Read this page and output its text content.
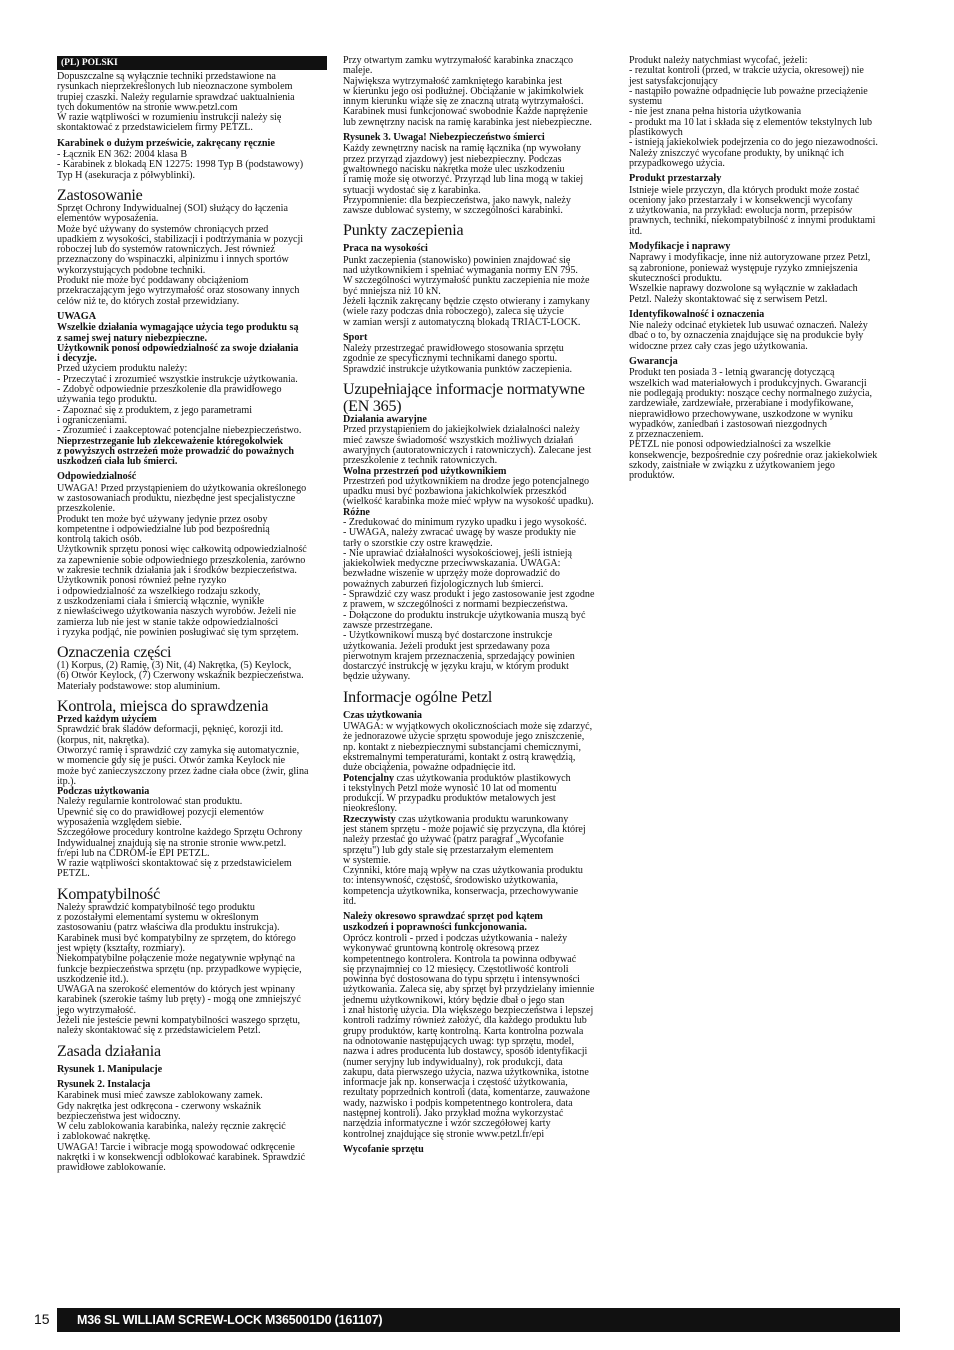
(PL) POLSKI

Dopuszczalne są wyłącznie techniki przedstawione na
rysunkach nieprzekreślonych lub nieoznaczone symbolem
trupiej czaszki. Należy regularnie sprawdzać uaktualnienia
tych dokumentów na stronie www.petzl.com
W razie wątpliwości w rozumieniu instrukcji należy się
skontaktować z przedstawicielem firmy PETZL.

Karabinek o dużym prześwicie, zakręcany ręcznie

- Łącznik EN 362: 2004 klasa B
- Karabinek z blokadą EN 12275: 1998 Typ B (podstawowy)
Typ H (asekuracja z półwyblinki).

Zastosowanie

Sprzęt Ochrony Indywidualnej (SOI) służący do łączenia
elementów wyposażenia.
Może być używany do systemów chroniących przed
upadkiem z wysokości, stabilizacji i podtrzymania w pozycji
roboczej lub do systemów ratowniczych. Jest również
przeznaczony do wspinaczki, alpinizmu i innych sportów
wykorzystujących podobne techniki.
Produkt nie może być poddawany obciążeniom
przekraczającym jego wytrzymałość oraz stosowany innych
celów niż te, do których został przewidziany.

UWAGA

Wszelkie działania wymagające użycia tego produktu są
z samej swej natury niebezpieczne.
Użytkownik ponosi odpowiedzialność za swoje działania
i decyzje.

Przed użyciem produktu należy:
- Przeczytać i zrozumieć wszystkie instrukcje użytkowania.
- Zdobyć odpowiednie przeszkolenie dla prawidłowego
używania tego produktu.
- Zapoznać się z produktem, z jego parametrami
i ograniczeniami.
- Zrozumieć i zaakceptować potencjalne niebezpieczeństwo.

Nieprzestrzeganie lub zlekceważenie któregokolwiek
z powyższych ostrzeżeń może prowadzić do poważnych
uszkodzeń ciała lub śmierci.

Odpowiedzialność

UWAGA! Przed przystąpieniem do użytkowania określonego
w zastosowaniach produktu, niezbędne jest specjalistyczne
przeszkolenie.
Produkt ten może być używany jedynie przez osoby
kompetentne i odpowiedzialne lub pod bezpośrednią
kontrolą takich osób.
Użytkownik sprzętu ponosi więc całkowitą odpowiedzialność
za zapewnienie sobie odpowiedniego przeszkolenia, zarówno
w zakresie technik działania jak i środków bezpieczeństwa.
Użytkownik ponosi również pełne ryzyko
i odpowiedzialność za wszelkiego rodzaju szkody,
z uszkodzeniami ciała i śmiercią włącznie, wynikłe
z niewłaściwego użytkowania naszych wyrobów. Jeżeli nie
zamierza lub nie jest w stanie także odpowiedzialności
i ryzyka podjąć, nie powinien posługiwać się tym sprzętem.

Oznaczenia części

(1) Korpus, (2) Ramię, (3) Nit, (4) Nakrętka, (5) Keylock,
(6) Otwór Keylock, (7) Czerwony wskaźnik bezpieczeństwa.
Materiały podstawowe: stop aluminium.

Kontrola, miejsca do sprawdzenia
Przed każdym użyciem

Sprawdzić brak śladów deformacji, pęknięć, korozji itd.
(korpus, nit, nakrętka).
Otworzyć ramię i sprawdzić czy zamyka się automatycznie,
w momencie gdy się je puści. Otwór zamka Keylock nie
może być zanieczyszczony przez żadne ciała obce (żwir, glina
itp.).

Podczas użytkowania

Należy regularnie kontrolować stan produktu.
Upewnić się co do prawidłowej pozycji elementów
wyposażenia względem siebie.
Szczegółowe procedury kontrolne każdego Sprzętu Ochrony
Indywidualnej znajdują się na stronie stronie www.petzl.
fr/epi lub na CDROM-ie EPI PETZL.
W razie wątpliwości skontaktować się z przedstawicielem
PETZL.

Kompatybilność

Należy sprawdzić kompatybilność tego produktu
z pozostałymi elementami systemu w określonym
zastosowaniu (patrz właściwa dla produktu instrukcja).
Karabinek musi być kompatybilny ze sprzętem, do którego
jest wpięty (kształty, rozmiary).
Niekompatybilne połączenie może negatywnie wpłynąć na
funkcje bezpieczeństwa sprzętu (np. przypadkowe wypięcie,
uszkodzenie itd.).
UWAGA na szerokość elementów do których jest wpinany
karabinek (szerokie taśmy lub pręty) - mogą one zmniejszyć
jego wytrzymałość.
Jeżeli nie jesteście pewni kompatybilności waszego sprzętu,
należy skontaktować się z przedstawicielem Petzl.

Zasada działania
Rysunek 1. Manipulacje
Rysunek 2. Instalacja

Karabinek musi mieć zawsze zablokowany zamek.
Gdy nakrętka jest odkręcona - czerwony wskaźnik
bezpieczeństwa jest widoczny.
W celu zablokowania karabinka, należy ręcznie zakręcić
i zablokować nakrętkę.
UWAGA! Tarcie i wibracje mogą spowodować odkręcenie
nakrętki i w konsekwencji odblokować karabinek. Sprawdzić
prawidłowe zablokowanie.

Przy otwartym zamku wytrzymałość karabinka znacząco
maleje.
Największa wytrzymałość zamkniętego karabinka jest
w kierunku jego osi podłużnej. Obciążanie w jakimkolwiek
innym kierunku wiąże się ze znaczną utratą wytrzymałości.
Karabinek musi funkcjonować swobodnie Każde naprężenie
lub zewnętrzny nacisk na ramię karabinka jest niebezpieczne.

Rysunek 3. Uwaga! Niebezpieczeństwo śmierci

Każdy zewnętrzny nacisk na ramię łącznika (np wywołany
przez przyrząd zjazdowy) jest niebezpieczny. Podczas
gwałtownego nacisku nakrętka może ulec uszkodzeniu
i ramię może się otworzyć. Przyrząd lub lina mogą w takiej
sytuacji wydostać się z karabinka.
Przypomnienie: dla bezpieczeństwa, jako nawyk, należy
zawsze dublować systemy, w szczególności karabinki.

Punkty zaczepienia
Praca na wysokości

Punkt zaczepienia (stanowisko) powinien znajdować się
nad użytkownikiem i spełniać wymagania normy EN 795.
W szczególności wytrzymałość punktu zaczepienia nie może
być mniejsza niż 10 kN.
Jeżeli łącznik zakręcany będzie często otwierany i zamykany
(wiele razy podczas dnia roboczego), zaleca się użycie
w zamian wersji z automatyczną blokadą TRIACT-LOCK.

Sport

Należy przestrzegać prawidłowego stosowania sprzętu
zgodnie ze specyficznymi technikami danego sportu.
Sprawdzić instrukcje użytkowania punktów zaczepienia.

Uzupełniające informacje normatywne
(EN 365)
Działania awaryjne

Przed przystąpieniem do jakiejkolwiek działalności należy
mieć zawsze świadomość wszystkich możliwych działań
awaryjnych (autoratowniczych i ratowniczych). Zalecane jest
przeszkolenie z technik ratowniczych.

Wolna przestrzeń pod użytkownikiem

Przestrzeń pod użytkownikiem na drodze jego potencjalnego
upadku musi być pozbawiona jakichkolwiek przeszkód
(wielkość karabinka może mieć wpływ na wysokość upadku).

Różne

- Zredukować do minimum ryzyko upadku i jego wysokość.
- UWAGA, należy zwracać uwagę by wasze produkty nie
tarły o szorstkie czy ostre krawędzie.
- Nie uprawiać działalności wysokościowej, jeśli istnieją
jakiekolwiek medyczne przeciwwskazania. UWAGA:
bezwładne wiszenie w uprzęży może doprowadzić do
poważnych zaburzeń fizjologicznych lub śmierci.
- Sprawdzić czy wasz produkt i jego zastosowanie jest zgodne
z prawem, w szczególności z normami bezpieczeństwa.
- Dołączone do produktu instrukcje użytkowania muszą być
zawsze przestrzegane.
- Użytkownikowi muszą być dostarczone instrukcje
użytkowania. Jeżeli produkt jest sprzedawany poza
pierwotnym krajem przeznaczenia, sprzedający powinien
dostarczyć instrukcję w języku kraju, w którym produkt
będzie używany.

Informacje ogólne Petzl
Czas użytkowania

UWAGA: w wyjątkowych okolicznościach może się zdarzyć,
że jednorazowe użycie sprzętu spowoduje jego zniszczenie,
np. kontakt z niebezpiecznymi substancjami chemicznymi,
ekstremalnymi temperaturami, kontakt z ostrą krawędzią,
duże obciążenia, poważne odpadnięcie itd.

Potencjalny czas użytkowania produktów plastikowych
i tekstylnych Petzl może wynosić 10 lat od momentu
produkcji. W przypadku produktów metalowych jest
nieokreślony.

Rzeczywisty czas użytkowania produktu warunkowany
jest stanem sprzętu - może pojawić się przyczyna, dla której
należy przestać go używać (patrz paragraf „Wycofanie
sprzętu") lub gdy stale się przestarzałym elementem
w systemie.
Czynniki, które mają wpływ na czas użytkowania produktu
to: intensywność, częstość, środowisko użytkowania,
kompetencja użytkownika, konserwacja, przechowywanie
itd.

Należy okresowo sprawdzać sprzęt pod kątem
uszkodzeń i poprawności funkcjonowania.

Oprócz kontroli - przed i podczas użytkowania - należy
wykonywać gruntowną kontrolę okresową przez
kompetentnego kontrolera. Kontrola ta powinna odbywać
się przynajmniej co 12 miesięcy. Częstotliwość kontroli
powinna być dostosowana do typu sprzętu i intensywności
użytkowania. Zaleca się, aby sprzęt był przydzielany imiennie
jednemu użytkownikowi, który będzie dbał o jego stan
i znał historię użycia. Dla większego bezpieczeństwa i lepszej
kontroli radzimy również założyć, dla każdego produktu lub
grupy produktów, kartę kontrolną. Karta kontrolna pozwala
na odnotowanie następujących uwag: typ sprzętu, model,
nazwa i adres producenta lub dostawcy, sposób identyfikacji
(numer seryjny lub indywidualny), rok produkcji, data
zakupu, data pierwszego użycia, nazwa użytkownika, istotne
informacje jak np. konserwacja i częstość użytkowania,
rezultaty poprzednich kontroli (data, komentarze, zauważone
wady, nazwisko i podpis kompetentnego kontrolera, data
następnej kontroli). Jako przykład można wykorzystać
narzędzia informatyczne i wzór szczegółowej karty
kontrolnej znajdujące się stronie www.petzl.fr/epi

Wycofanie sprzętu

Produkt należy natychmiast wycofać, jeżeli:
- rezultat kontroli (przed, w trakcie użycia, okresowej) nie
jest satysfakcjonujący
- nastąpiło poważne odpadnięcie lub poważne przeciążenie
systemu
- nie jest znana pełna historia użytkowania
- produkt ma 10 lat i składa się z elementów tekstylnych lub
plastikowych
- istnieją jakiekolwiek podejrzenia co do jego niezawodności.
Należy zniszczyć wycofane produkty, by uniknąć ich
przypadkowego użycia.

Produkt przestarzały

Istnieje wiele przyczyn, dla których produkt może zostać
oceniony jako przestarzały i w konsekwencji wycofany
z użytkowania, na przykład: ewolucja norm, przepisów
prawnych, techniki, niekompatybilność z innymi produktami
itd.

Modyfikacje i naprawy

Naprawy i modyfikacje, inne niż autoryzowane przez Petzl,
są zabronione, ponieważ występuje ryzyko zmniejszenia
skuteczności produktu.
Wszelkie naprawy dozwolone są wyłącznie w zakładach
Petzl. Należy skontaktować się z serwisem Petzl.

Identyfikowalność i oznaczenia

Nie należy odcinać etykietek lub usuwać oznaczeń. Należy
dbać o to, by oznaczenia znajdujące się na produkcie były
widoczne przez cały czas jego użytkowania.

Gwarancja

Produkt ten posiada 3 - letnią gwarancję dotyczącą
wszelkich wad materiałowych i produkcyjnych. Gwarancji
nie podlegają produkty: noszące cechy normalnego zużycia,
zardzewiałe, zardzewiałe, przerabiane i modyfikowane,
nieprawidłowo przechowywane, uszkodzone w wyniku
wypadków, zaniedbań i zastosowań niezgodnych
z przeznaczeniem.
PETZL nie ponosi odpowiedzialności za wszelkie
konsekwencje, bezpośrednie czy pośrednie oraz jakiekolwiek
szkody, zaistniałe w związku z użytkowaniem jego
produktów.

15	M36 SL WILLIAM SCREW-LOCK M365001D0 (161107)
